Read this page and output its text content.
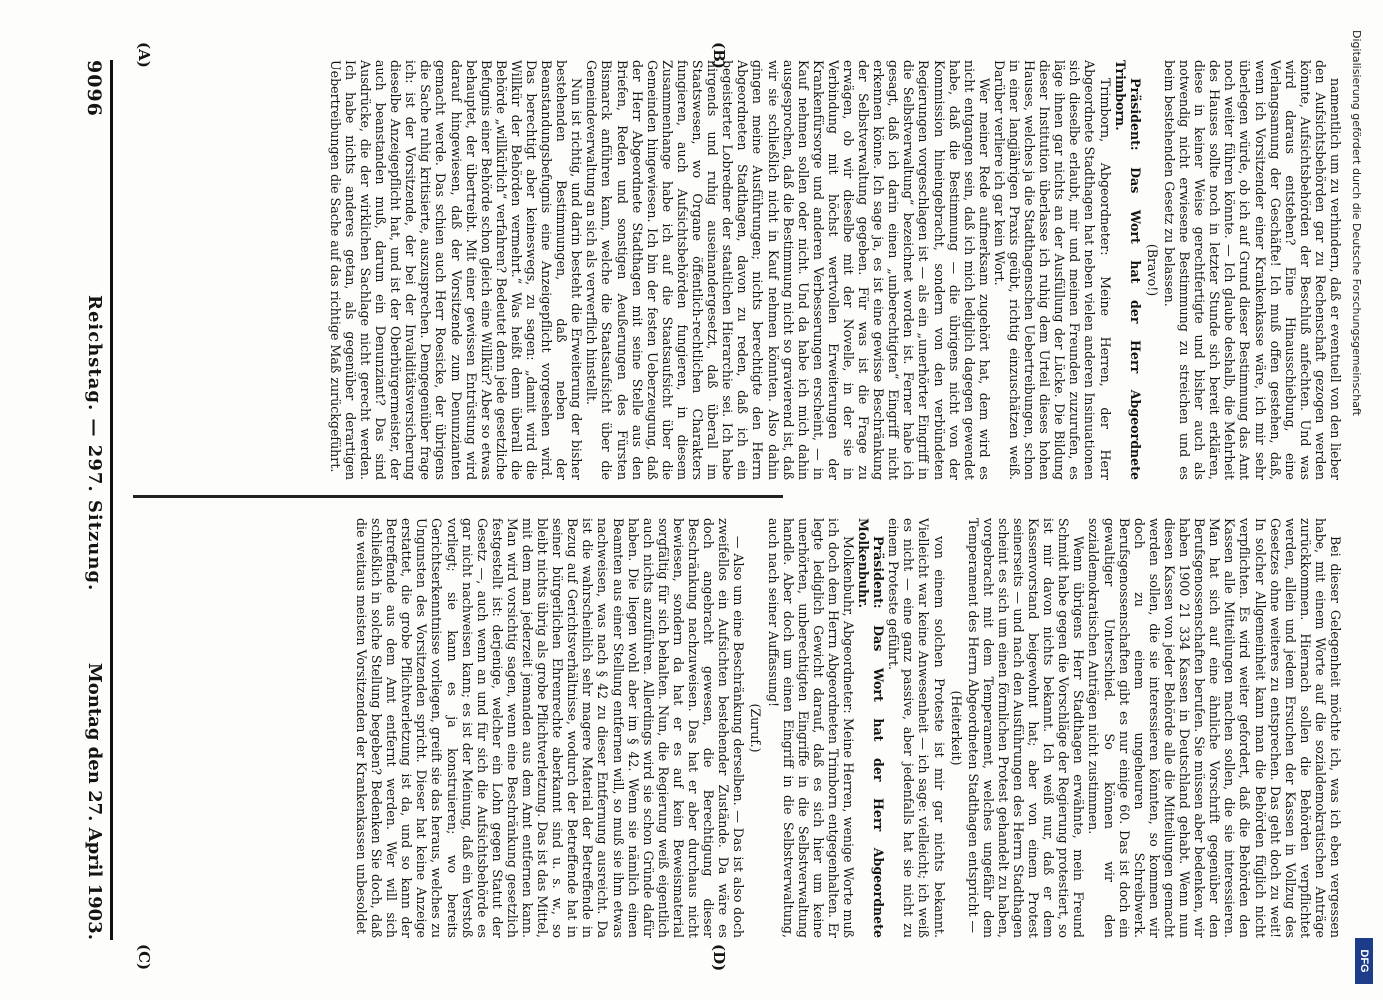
9096
Reichstag. — 297. Sitzung.
Montag den 27. April 1903.
(A)	(B)
(C)	(D)

namentlich um zu verhindern, daß er eventuell von den lieber den Aufsichtsbehörden gar zu Rechenschaft gezogen werden könnte, Aufsichtsbehörden der Beschluß anfechten. Und was wird daraus entstehen? Eine Hinausschiebung, eine Verlangsamung der Geschäfte! Ich muß offen gestehen, daß, wenn ich Vorsitzender einer Krankenkasse wäre, ich mir sehr überlegen würde, ob ich auf Grund dieser Bestimmung das Amt noch weiter führen könnte. — Ich glaube deshalb, die Mehrheit des Hauses sollte noch in letzter Stunde sich bereit erklären, diese in keiner Weise gerechtfertigte und bisher auch als notwendig nicht erwiesene Bestimmung zu streichen und es beim bestehenden Gesetz zu belassen.

(Bravo!)

Präsident: Das Wort hat der Herr Abgeordnete Trimborn.

Trimborn, Abgeordneter: Meine Herren, der Herr Abgeordnete Stadthagen hat neben vielen anderen Insinuationen sich dieselbe erlaubt, mir und meinen Freunden zuzurufen, es läge ihnen gar nichts an der Ausfüllung der Lücke. Die Bildung dieser Institution überlasse ich ruhig dem Urteil dieses hohen Hauses, welches ja die Stadthagenschen Uebertreibungen, schon in einer langjährigen Praxis geübt, richtig einzuschätzen weiß. Darüber verliere ich gar kein Wort.

Wer meiner Rede aufmerksam zugehört hat, dem wird es nicht entgangen sein, daß ich mich lediglich dagegen gewendet habe, daß die Bestimmung — die übrigens nicht von der Kommission hineingebracht, sondern von den verbündeten Regierungen vorgeschlagen ist — als ein „unerhörter Eingriff in die Selbstverwaltung“ bezeichnet worden ist. Ferner habe ich gesagt, daß ich darin einen „unberechtigten“ Eingriff nicht erkennen könne. Ich sage ja, es ist eine gewisse Beschränkung der Selbstverwaltung gegeben. Für was ist die Frage zu erwägen, ob wir dieselbe mit der Novelle, in der sie in Verbindung mit höchst wertvollen Erweiterungen der Krankenfürsorge und anderen Verbesserungen erscheint, — in Kauf nehmen sollen oder nicht. Und da habe ich mich dahin ausgesprochen, daß die Bestimmung nicht so gravierend ist, daß wir sie schließlich nicht in Kauf nehmen könnten. Also dahin gingen meine Ausführungen; nichts berechtigte den Herrn Abgeordneten Stadthagen, davon zu reden, daß ich ein begeisterter Lobredner der staatlichen Hierarchie sei. Ich habe nirgends und ruhig auseinandergesetzt, daß überall im Staatswesen, wo Organe öffentlich-rechtlichen Charakters fungieren, auch Aufsichtsbehörden fungieren, in diesem Zusammenhange habe ich auf die Staatsaufsicht über die Gemeinden hingewiesen. Ich bin der festen Ueberzeugung, daß der Herr Abgeordnete Stadthagen mit seine Stelle aus den Briefen, Reden und sonstigen Aeußerungen des Fürsten Bismarck anführen kann, welche die Staatsaufsicht über die Gemeindeverwaltung an sich als verwerflich hinstellt.

Nun ist richtig, und darin besteht die Erweiterung der bisher bestehenden Bestimmungen, daß neben der Beanstandungsbefugnis eine Anzeigepflicht vorgesehen wird. Das berechtigt aber keineswegs, zu sagen: „damit wird die Willkür der Behörden vermehrt.“ Was heißt denn überall die Behörde „willkürlich“ verfahren? Bedeutet denn jede gesetzliche Befugnis einer Behörde schon gleich eine Willkür? Aber so etwas behauptet, der übertreibt. Mit einer gewissen Entrüstung wird darauf hingewiesen, daß der Vorsitzende zum Denunzianten gemacht werde. Das schien auch Herr Roesicke, der übrigens die Sache ruhig kritisierte, auszusprechen. Demgegenüber frage ich: ist der Vorsitzende, der bei der Invaliditätsversicherung dieselbe Anzeigepflicht hat, und ist der Oberbürgermeister, der auch beanstanden muß, darum ein Denunziant? Das sind Ausdrücke, die der wirklichen Sachlage nicht gerecht werden. Ich habe nichts anderes getan, als gegenüber derartigen Uebertreibungen die Sache auf das richtige Maß zurückgeführt.

Bei dieser Gelegenheit möchte ich, was ich eben vergessen habe, mit einem Worte auf die sozialdemokratischen Anträge zurückkommen. Hiernach sollen die Behörden verpflichtet werden, allein und jedem Ersuchen der Kassen in Vollzug des Gesetzes ohne weiteres zu entsprechen. Das geht doch zu weit! In solcher Allgemeinheit kann man die Behörden füglich nicht verpflichten. Es wird weiter gefordert, daß die Behörden den Kassen alle Mitteilungen machen sollen, die sie interessieren. Man hat sich auf eine ähnliche Vorschrift gegenüber den Berufsgenossenschaften berufen. Sie müssen aber bedenken, wir haben 1900 21 334 Kassen in Deutschland gehabt. Wenn nun diesen Kassen von jeder Behörde alle die Mitteilungen gemacht werden sollen, die sie interessieren könnten, so kommen wir doch zu einem ungeheuren Schreibwerk. Berufsgenossenschaften gibt es nur einige 60. Das ist doch ein gewaltiger Unterschied. So können wir den sozialdemokratischen Anträgen nicht zustimmen.

Wenn übrigens Herr Stadthagen erwähnte, mein Freund Schmidt habe gegen die Vorschläge der Regierung protestiert, so ist mir davon nichts bekannt. Ich weiß nur, daß er dem Kassenvorstand beigewohnt hat; aber von einem Protest seinerseits — und nach den Ausführungen des Herrn Stadthagen scheint es sich um einen förmlichen Protest gehandelt zu haben, vorgebracht mit dem Temperament, welches ungefähr dem Temperament des Herrn Abgeordneten Stadthagen entspricht —

(Heiterkeit)

von einem solchen Proteste ist mir gar nichts bekannt. Vielleicht war keine Anwesenheit — ich sage: vielleicht; ich weiß es nicht — eine ganz passive, aber jedenfalls hat sie nicht zu einem Proteste geführt.

Präsident: Das Wort hat der Herr Abgeordnete Molkenbuhr.

Molkenbuhr, Abgeordneter: Meine Herren, wenige Worte muß ich doch dem Herrn Abgeordneten Trimborn entgegenhalten. Er legte lediglich Gewicht darauf, daß es sich hier um keine unerhörten, unberechtigten Eingriffe in die Selbstverwaltung handle. Aber doch um einen Eingriff in die Selbstverwaltung, auch nach seiner Auffassung!

(Zuruf.)

— Also um eine Beschränkung derselben. — Das ist also doch zweifellos ein Aufsichten bestehender Zustände. Da wäre es doch angebracht gewesen, die Berechtigung dieser Beschränkung nachzuweisen. Das hat er aber durchaus nicht bewiesen, sondern da hat er es auf kein Beweismaterial sorgfältig für sich behalten. Nun, die Regierung weiß eigentlich auch nichts anzuführen. Allerdings wird sie schon Gründe dafür haben. Die liegen wohl aber im § 42. Wenn sie nämlich einen Beamten aus einer Stellung entfernen will, so muß sie ihm etwas nachweisen, was nach § 42 zu dieser Entfernung ausreicht. Da ist die wahrscheinlich sehr magere Material der Betreffende in Bezug auf Gerichtsverhältnisse, wodurch der Betreffende hat in seiner bürgerlichen Ehrenrechte aberkannt sind u. s. w., so bleibt nichts übrig als grobe Pflichtverletzung. Das ist das Mittel, mit dem man jederzeit jemanden aus dem Amt entfernen kann. Man wird vorsichtig sagen, wenn eine Beschränkung gesetzlich festgestellt ist: derjenige, welcher ein Lohn gegen Statut der Gesetz —, auch wenn an und für sich die Aufsichtsbehörde es gar nicht nachweisen kann; es ist der Meinung, daß ein Verstoß vorliegt; sie kann es ja konstruieren; wo bereits Gerichtserkenntnisse vorliegen, greift sie das heraus, welches zu Ungunsten des Vorsitzenden spricht. Dieser hat keine Anzeige erstattet, die grobe Pflichtverletzung ist da, und so kann der Betreffende aus dem Amt entfernt werden. Wer will sich schließlich in solche Stellung begeben? Bedenken Sie doch, daß die weitaus meisten Vorsitzenden der Krankenkassen unbesoldet

Digitalisierung gefördert durch die Deutsche Forschungsgemeinschaft
DFG
